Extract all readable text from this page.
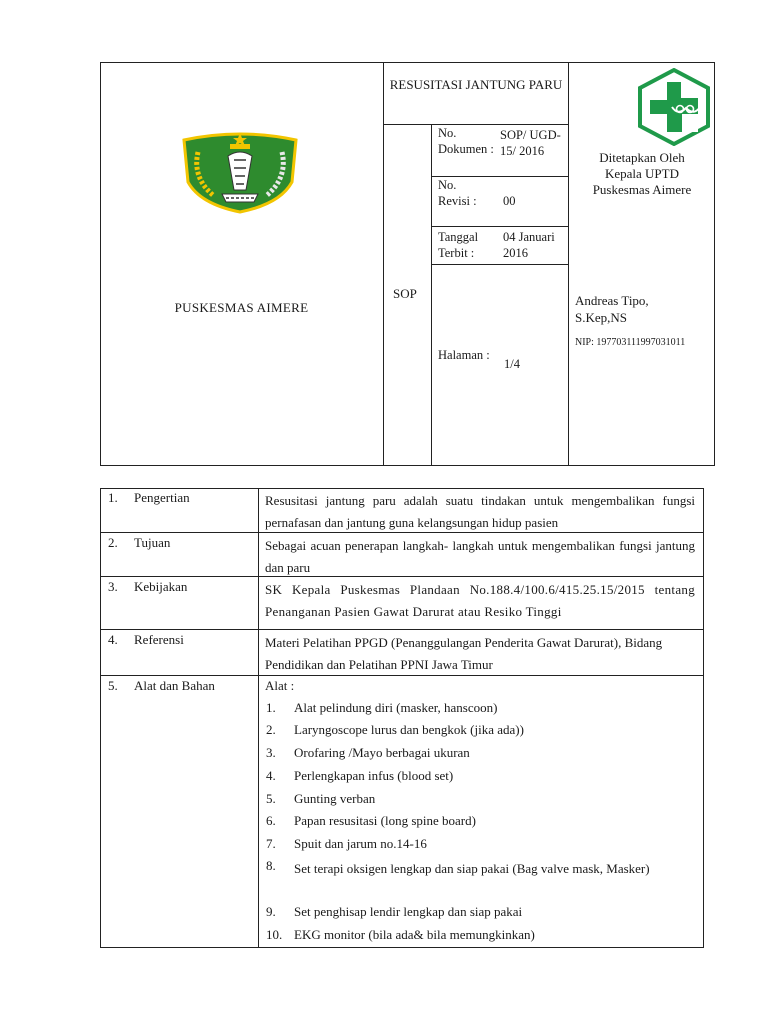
PUSKESMAS AIMERE
RESUSITASI JANTUNG PARU
SOP
No. Dokumen :
SOP/ UGD-15/ 2016
No. Revisi :	00
Tanggal Terbit :
04 Januari 2016
Halaman :
1/4
Ditetapkan Oleh
Kepala UPTD
Puskesmas Aimere
Andreas Tipo, S.Kep,NS
NIP: 197703111997031011
1. Pengertian	Resusitasi jantung paru adalah suatu tindakan untuk mengembalikan fungsi pernafasan dan jantung guna kelangsungan hidup pasien
2. Tujuan	Sebagai acuan penerapan langkah- langkah untuk mengembalikan fungsi jantung dan paru
3. Kebijakan	SK Kepala Puskesmas Plandaan No.188.4/100.6/415.25.15/2015 tentang Penanganan Pasien Gawat Darurat atau Resiko Tinggi
4. Referensi	Materi Pelatihan PPGD (Penanggulangan Penderita Gawat Darurat), Bidang Pendidikan dan Pelatihan PPNI Jawa Timur
5. Alat dan Bahan	Alat :
1. Alat pelindung diri (masker, hanscoon)
2. Laryngoscope lurus dan bengkok (jika ada))
3. Orofaring /Mayo berbagai ukuran
4. Perlengkapan infus (blood set)
5. Gunting verban
6. Papan resusitasi (long spine board)
7. Spuit dan jarum no.14-16
8. Set terapi oksigen lengkap dan siap pakai (Bag valve mask, Masker)
9. Set penghisap lendir lengkap dan siap pakai
10. EKG monitor (bila ada& bila memungkinkan)
